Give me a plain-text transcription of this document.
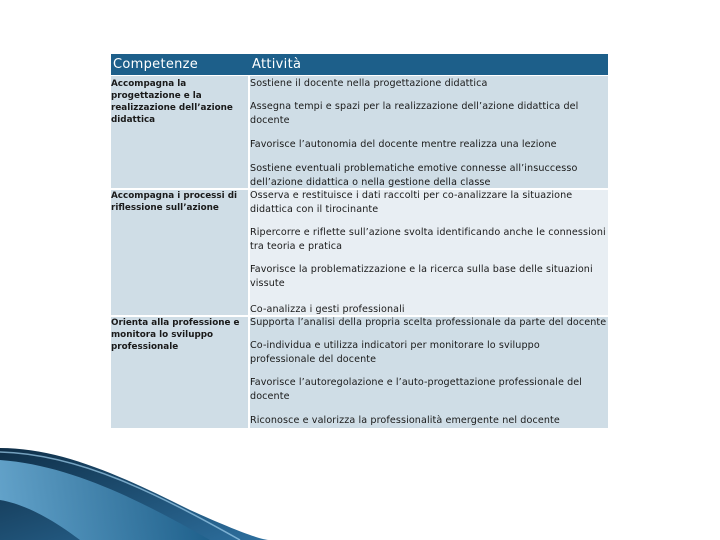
Competenze	Attività
Accompagna la progettazione e la realizzazione dell’azione didattica
Accompagna i processi di riflessione sull’azione
Orienta alla professione e monitora lo sviluppo professionale
Sostiene il docente nella progettazione didattica
Assegna tempi e spazi per la realizzazione dell’azione didattica del docente
Favorisce l’autonomia del docente mentre realizza una lezione
Sostiene eventuali problematiche emotive connesse all’insuccesso dell’azione didattica o nella gestione della classe
Osserva e restituisce i dati raccolti per co-analizzare la situazione didattica con il tirocinante
Ripercorre e riflette sull’azione svolta identificando anche le connessioni tra teoria e pratica
Favorisce la problematizzazione e la ricerca sulla base delle situazioni vissute
Co-analizza i gesti professionali
Supporta l’analisi della propria scelta professionale da parte del docente
Co-individua e utilizza indicatori per monitorare lo sviluppo professionale del docente
Favorisce l’autoregolazione e l’auto-progettazione professionale del docente
Riconosce e valorizza la professionalità emergente nel docente
